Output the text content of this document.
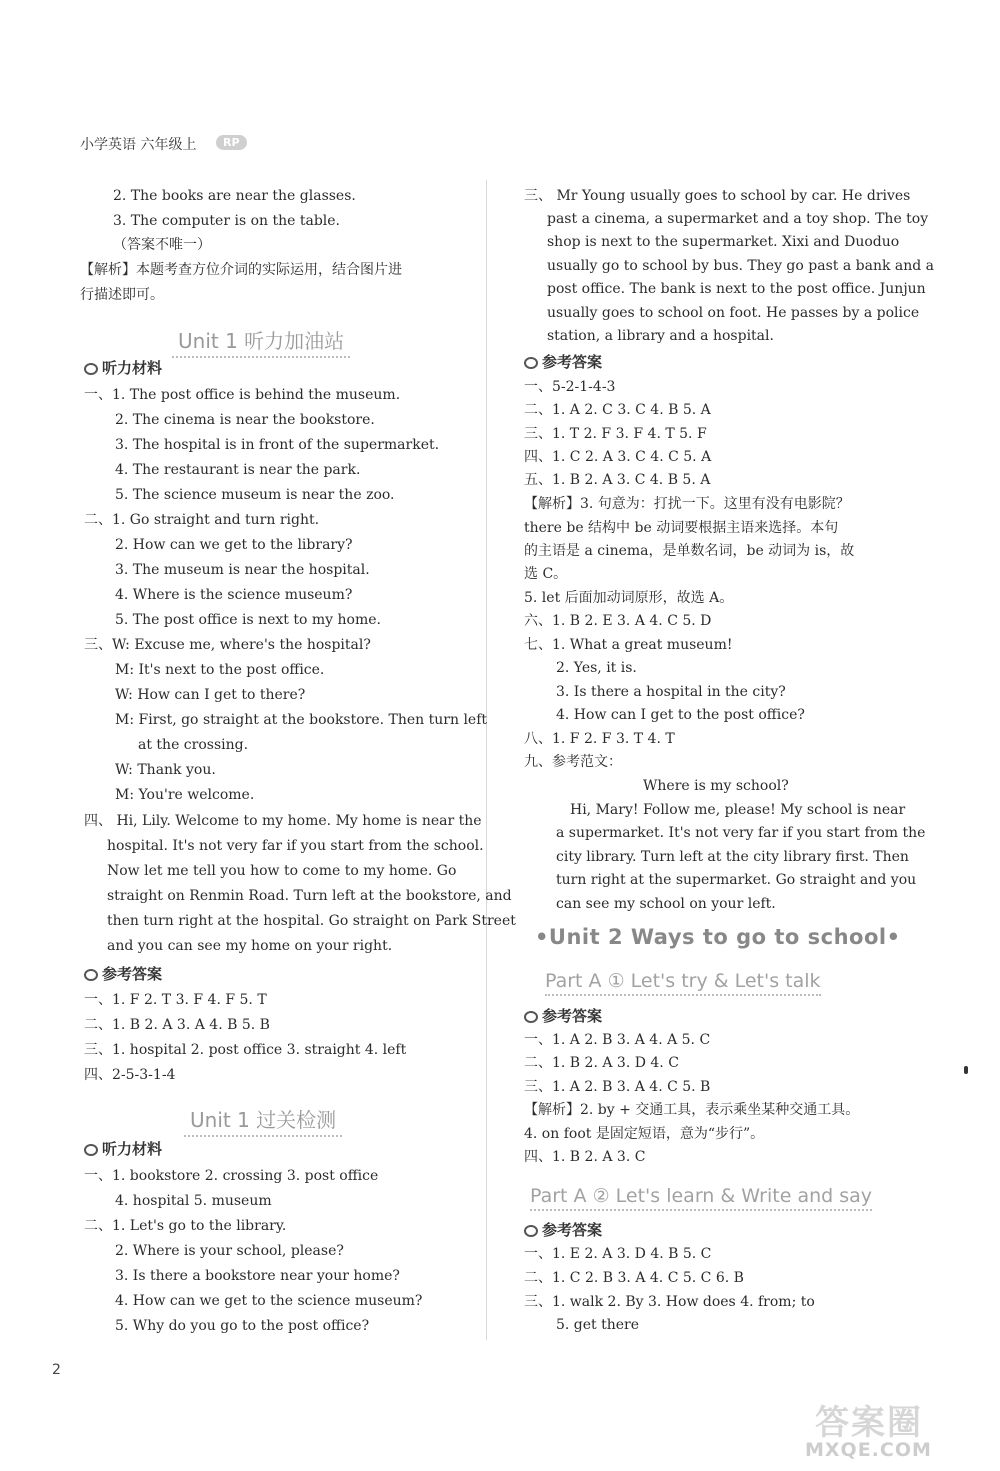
小学英语 六年级上	RP
2. The books are near the glasses.
3. The computer is on the table.
（答案不唯一）
【解析】本题考查方位介词的实际运用，结合图片进
行描述即可。
Unit 1 听力加油站
听力材料
一、1. The post office is behind the museum.
2. The cinema is near the bookstore.
3. The hospital is in front of the supermarket.
4. The restaurant is near the park.
5. The science museum is near the zoo.
二、1. Go straight and turn right.
2. How can we get to the library?
3. The museum is near the hospital.
4. Where is the science museum?
5. The post office is next to my home.
三、W: Excuse me, where's the hospital?
M: It's next to the post office.
W: How can I get to there?
M: First, go straight at the bookstore. Then turn left
at the crossing.
W: Thank you.
M: You're welcome.
四、 Hi, Lily. Welcome to my home. My home is near the
hospital. It's not very far if you start from the school.
Now let me tell you how to come to my home. Go
straight on Renmin Road. Turn left at the bookstore, and
then turn right at the hospital. Go straight on Park Street
and you can see my home on your right.
参考答案
一、1. F 2. T 3. F 4. F 5. T
二、1. B 2. A 3. A 4. B 5. B
三、1. hospital 2. post office 3. straight 4. left
四、2-5-3-1-4
Unit 1 过关检测
听力材料
一、1. bookstore 2. crossing 3. post office
4. hospital 5. museum
二、1. Let's go to the library.
2. Where is your school, please?
3. Is there a bookstore near your home?
4. How can we get to the science museum?
5. Why do you go to the post office?
三、 Mr Young usually goes to school by car. He drives
past a cinema, a supermarket and a toy shop. The toy
shop is next to the supermarket. Xixi and Duoduo
usually go to school by bus. They go past a bank and a
post office. The bank is next to the post office. Junjun
usually goes to school on foot. He passes by a police
station, a library and a hospital.
参考答案
一、5-2-1-4-3
二、1. A 2. C 3. C 4. B 5. A
三、1. T 2. F 3. F 4. T 5. F
四、1. C 2. A 3. C 4. C 5. A
五、1. B 2. A 3. C 4. B 5. A
【解析】3. 句意为：打扰一下。这里有没有电影院？
there be 结构中 be 动词要根据主语来选择。本句
的主语是 a cinema，是单数名词，be 动词为 is，故
选 C。
5. let 后面加动词原形，故选 A。
六、1. B 2. E 3. A 4. C 5. D
七、1. What a great museum!
2. Yes, it is.
3. Is there a hospital in the city?
4. How can I get to the post office?
八、1. F 2. F 3. T 4. T
九、参考范文：
Where is my school?
Hi, Mary! Follow me, please! My school is near
a supermarket. It's not very far if you start from the
city library. Turn left at the city library first. Then
turn right at the supermarket. Go straight and you
can see my school on your left.
•Unit 2 Ways to go to school•
Part A ① Let's try & Let's talk
参考答案
一、1. A 2. B 3. A 4. A 5. C
二、1. B 2. A 3. D 4. C
三、1. A 2. B 3. A 4. C 5. B
【解析】2. by + 交通工具，表示乘坐某种交通工具。
4. on foot 是固定短语，意为“步行”。
四、1. B 2. A 3. C
Part A ② Let's learn & Write and say
参考答案
一、1. E 2. A 3. D 4. B 5. C
二、1. C 2. B 3. A 4. C 5. C 6. B
三、1. walk 2. By 3. How does 4. from; to
5. get there
2
答案圈
MXQE.COM
